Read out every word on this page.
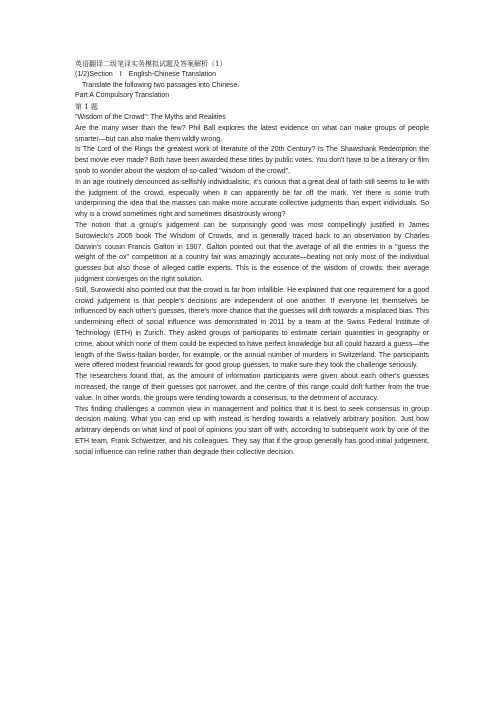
英语翻译二级笔译实务模拟试题及答案解析（1）

(1/2)Section　Ⅰ　English-Chinese Translation

Translate the following two passages into Chinese.

Part A Compulsory Translation

第 1 题

"Wisdom of the Crowd": The Myths and Realities

Are the many wiser than the few? Phil Ball explores the latest evidence on what can make groups of people smarter—but can also make them wildly wrong.

Is The Lord of the Rings the greatest work of literature of the 20th Century? Is The Shawshank Redemption the best movie ever made? Both have been awarded these titles by public votes. You don't have to be a literary or film snob to wonder about the wisdom of so-called "wisdom of the crowd",

In an age routinely denounced as selfishly individualistic, it's curious that a great deal of faith still seems to lie with the judgment of the crowd, especially when it can apparently be far off the mark. Yet there is some truth underpinning the idea that the masses can make more accurate collective judgments than expert individuals. So why is a crowd sometimes right and sometimes disastrously wrong?

The notion that a group's judgement can be surprisingly good was most compellingly justified in James Surowiecki's 2005 book The Wisdom of Crowds, and is generally traced back to an observation by Charles Darwin's cousin Francis Galton in 1907. Galton pointed out that the average of all the entries in a "guess the weight of the ox" competition at a country fair was amazingly accurate—beating not only most of the individual guesses but also those of alleged cattle experts. This is the essence of the wisdom of crowds: their average judgment converges on the right solution.

Still, Surowiecki also pointed out that the crowd is far from infallible. He explained that one requirement for a good crowd judgement is that people's decisions are independent of one another. If everyone let themselves be influenced by each other's guesses, there's more chance that the guesses will drift towards a misplaced bias. This undermining effect of social influence was demonstrated in 2011 by a team at the Swiss Federal Institute of Technology (ETH) in Zurich. They asked groups of participants to estimate certain quantities in geography or crime, about which none of them could be expected to have perfect knowledge but all could hazard a guess—the length of the Swiss-Italian border, for example, or the annual number of murders in Switzerland. The participants were offered modest financial rewards for good group guesses, to make sure they took the challenge seriously.

The researchers found that, as the amount of information participants were given about each other's guesses increased, the range of their guesses got narrower, and the centre of this range could drift further from the true value. In other words, the groups were tending towards a consensus, to the detriment of accuracy.

This finding challenges a common view in management and politics that it is best to seek consensus in group decision making. What you can end up with instead is herding towards a relatively arbitrary position. Just how arbitrary depends on what kind of pool of opinions you start off with, according to subsequent work by one of the ETH team, Frank Schweitzer, and his colleagues. They say that if the group generally has good initial judgement, social influence can refine rather than degrade their collective decision.
